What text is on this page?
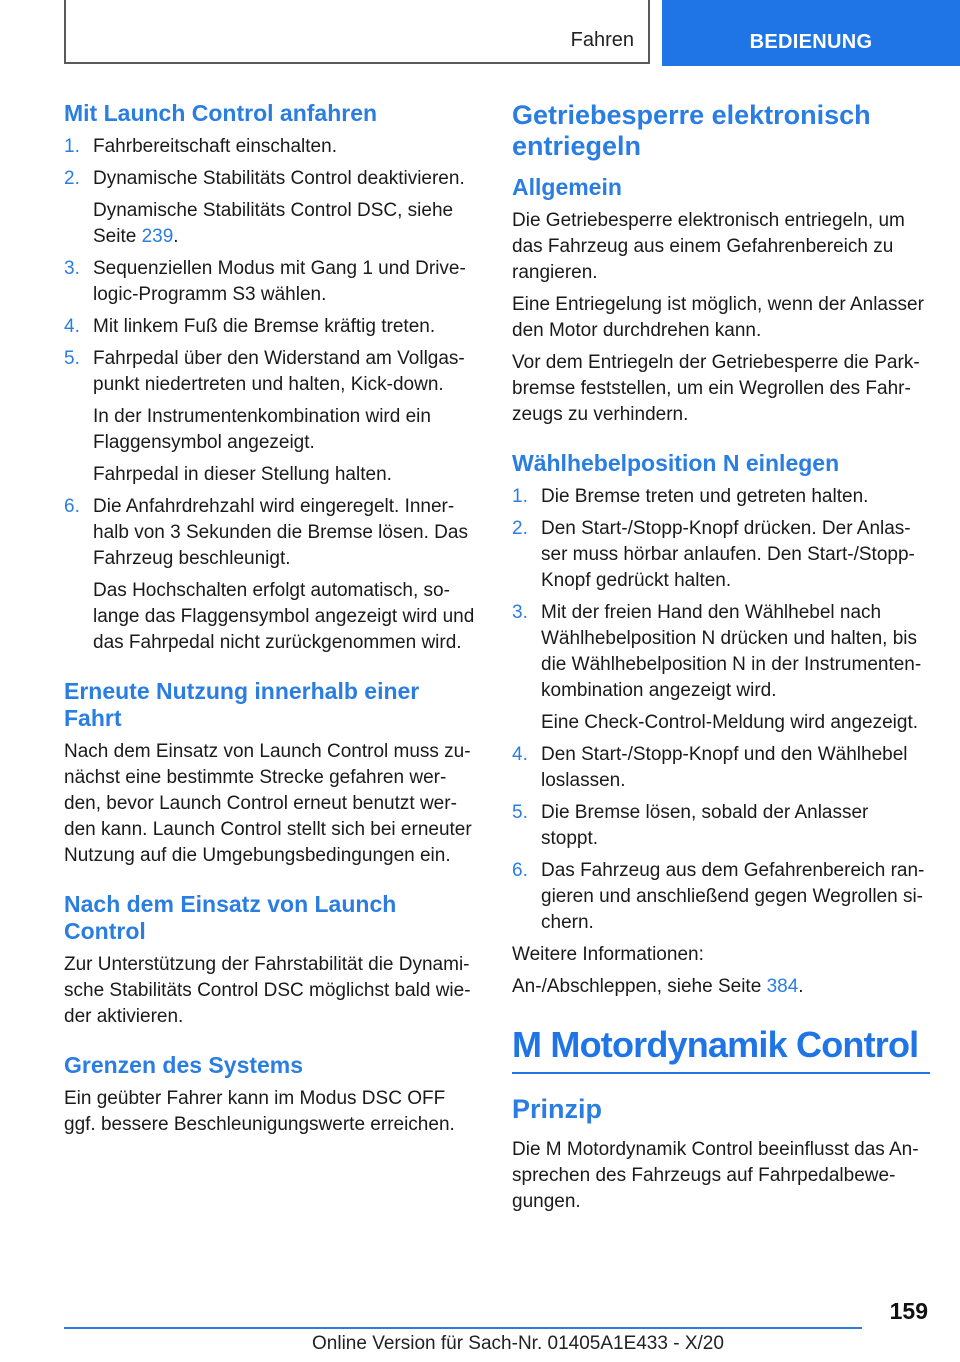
Fahren	BEDIENUNG
Mit Launch Control anfahren
1. Fahrbereitschaft einschalten.
2. Dynamische Stabilitäts Control deaktivieren.
Dynamische Stabilitäts Control DSC, siehe Seite 239.
3. Sequenziellen Modus mit Gang 1 und Drive-logic-Programm S3 wählen.
4. Mit linkem Fuß die Bremse kräftig treten.
5. Fahrpedal über den Widerstand am Vollgas-punkt niedertreten und halten, Kick-down.
In der Instrumentenkombination wird ein Flaggensymbol angezeigt.
Fahrpedal in dieser Stellung halten.
6. Die Anfahrdrehzahl wird eingeregelt. Inner-halb von 3 Sekunden die Bremse lösen. Das Fahrzeug beschleunigt.
Das Hochschalten erfolgt automatisch, so-lange das Flaggensymbol angezeigt wird und das Fahrpedal nicht zurückgenommen wird.
Erneute Nutzung innerhalb einer Fahrt

Nach dem Einsatz von Launch Control muss zu-nächst eine bestimmte Strecke gefahren wer-den, bevor Launch Control erneut benutzt wer-den kann. Launch Control stellt sich bei erneuter Nutzung auf die Umgebungsbedingungen ein.

Nach dem Einsatz von Launch Control

Zur Unterstützung der Fahrstabilität die Dynami-sche Stabilitäts Control DSC möglichst bald wie-der aktivieren.

Grenzen des Systems

Ein geübter Fahrer kann im Modus DSC OFF ggf. bessere Beschleunigungswerte erreichen.

Getriebesperre elektronisch entriegeln
Allgemein

Die Getriebesperre elektronisch entriegeln, um das Fahrzeug aus einem Gefahrenbereich zu rangieren.

Eine Entriegelung ist möglich, wenn der Anlasser den Motor durchdrehen kann.

Vor dem Entriegeln der Getriebesperre die Park-bremse feststellen, um ein Wegrollen des Fahr-zeugs zu verhindern.

Wählhebelposition N einlegen
1. Die Bremse treten und getreten halten.
2. Den Start-/Stopp-Knopf drücken. Der Anlas-ser muss hörbar anlaufen. Den Start-/Stopp-Knopf gedrückt halten.
3. Mit der freien Hand den Wählhebel nach Wählhebelposition N drücken und halten, bis die Wählhebelposition N in der Instrumenten-kombination angezeigt wird.
Eine Check-Control-Meldung wird angezeigt.
4. Den Start-/Stopp-Knopf und den Wählhebel loslassen.
5. Die Bremse lösen, sobald der Anlasser stoppt.
6. Das Fahrzeug aus dem Gefahrenbereich ran-gieren und anschließend gegen Wegrollen si-chern.

Weitere Informationen:

An-/Abschleppen, siehe Seite 384.

M Motordynamik Control
Prinzip

Die M Motordynamik Control beeinflusst das An-sprechen des Fahrzeugs auf Fahrpedalbewe-gungen.

159
Online Version für Sach-Nr. 01405A1E433 - X/20
